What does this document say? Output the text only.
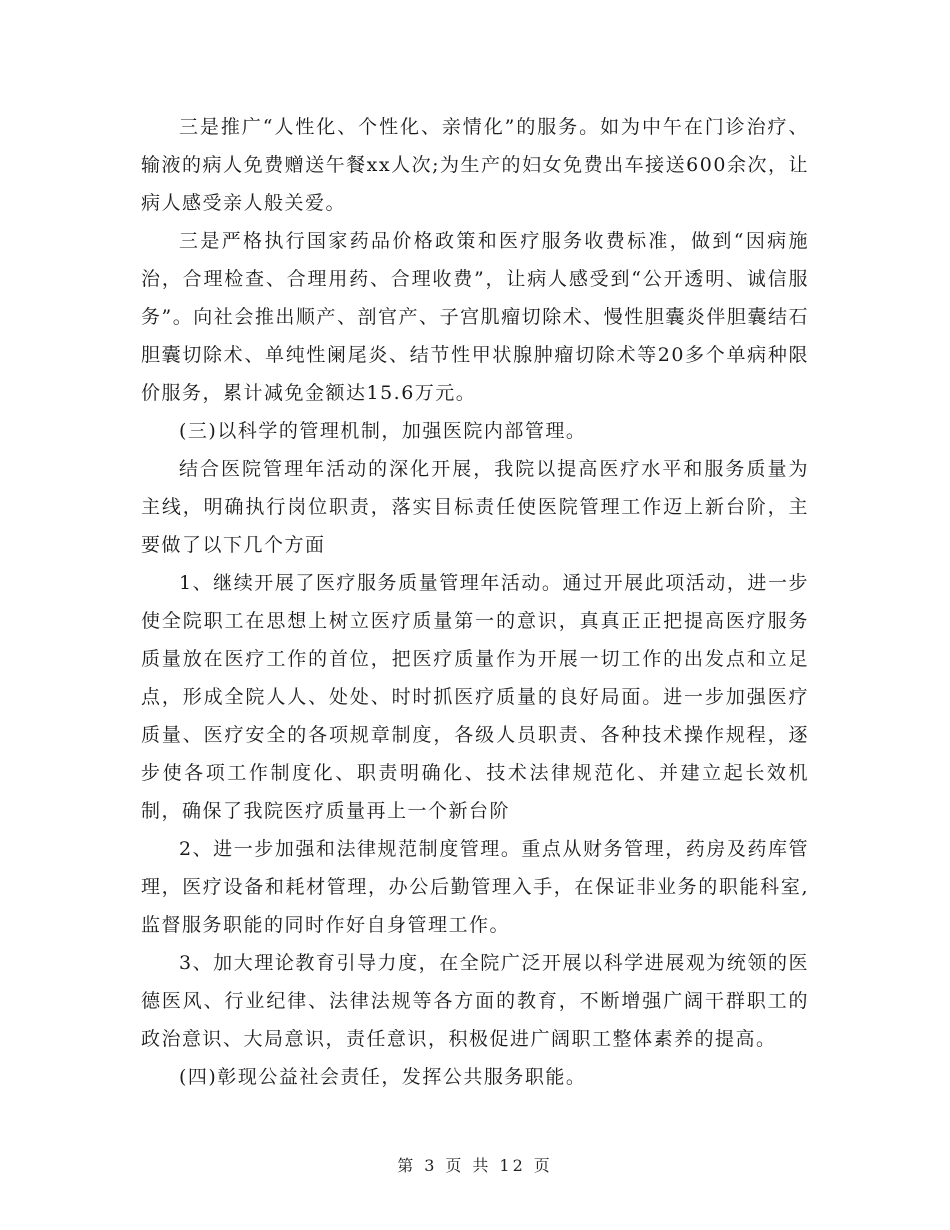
三是推广“人性化、个性化、亲情化”的服务。如为中午在门诊治疗、输液的病人免费赠送午餐xx人次;为生产的妇女免费出车接送600余次，让病人感受亲人般关爱。

三是严格执行国家药品价格政策和医疗服务收费标准，做到“因病施治，合理检查、合理用药、合理收费”，让病人感受到“公开透明、诚信服务”。向社会推出顺产、剖官产、子宫肌瘤切除术、慢性胆囊炎伴胆囊结石胆囊切除术、单纯性阑尾炎、结节性甲状腺肿瘤切除术等20多个单病种限价服务，累计减免金额达15.6万元。

(三)以科学的管理机制，加强医院内部管理。

结合医院管理年活动的深化开展，我院以提高医疗水平和服务质量为主线，明确执行岗位职责，落实目标责任使医院管理工作迈上新台阶，主要做了以下几个方面

1、继续开展了医疗服务质量管理年活动。通过开展此项活动，进一步使全院职工在思想上树立医疗质量第一的意识，真真正正把提高医疗服务质量放在医疗工作的首位，把医疗质量作为开展一切工作的出发点和立足点，形成全院人人、处处、时时抓医疗质量的良好局面。进一步加强医疗质量、医疗安全的各项规章制度，各级人员职责、各种技术操作规程，逐步使各项工作制度化、职责明确化、技术法律规范化、并建立起长效机制，确保了我院医疗质量再上一个新台阶

2、进一步加强和法律规范制度管理。重点从财务管理，药房及药库管理，医疗设备和耗材管理，办公后勤管理入手，在保证非业务的职能科室,监督服务职能的同时作好自身管理工作。

3、加大理论教育引导力度，在全院广泛开展以科学进展观为统领的医德医风、行业纪律、法律法规等各方面的教育，不断增强广阔干群职工的政治意识、大局意识，责任意识，积极促进广阔职工整体素养的提高。

(四)彰现公益社会责任，发挥公共服务职能。

第 3 页 共 12 页
